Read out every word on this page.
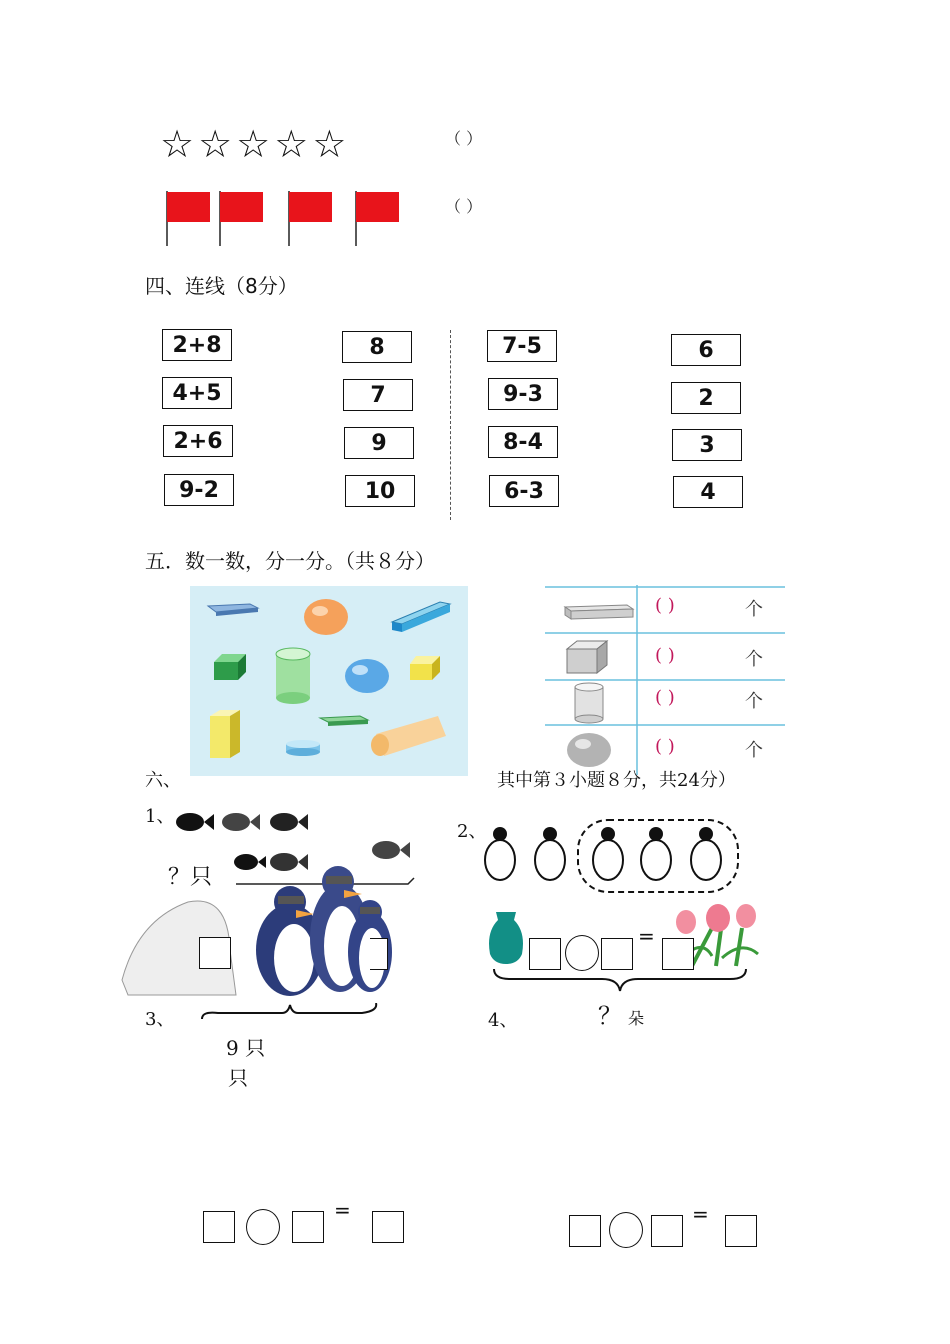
☆☆☆☆☆	（ ）
（ ）
四、连线（8分）
2+8
4+5
2+6
9-2
8
7
9
10
7-5
9-3
8-4
6-3
6
2
3
4
五．数一数，分一分。（共８分）
( )	个
( )	个
( )	个
( )	个
六、	其中第３小题８分，共24分）
1、
？只
2、
=
3、
9 只
只
4、	？ 朵
=	=
